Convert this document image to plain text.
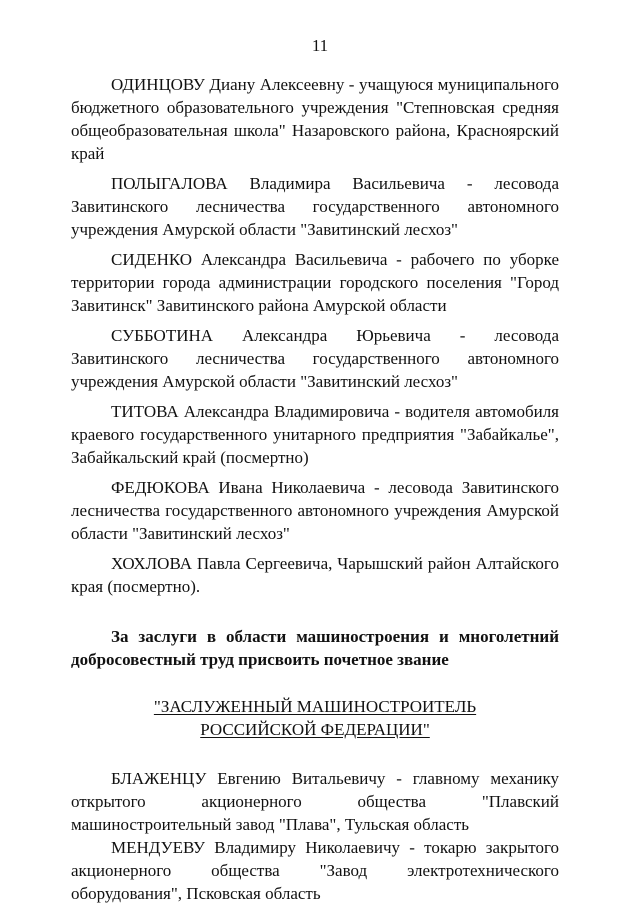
11

ОДИНЦОВУ Диану Алексеевну - учащуюся муниципального бюджетного образовательного учреждения "Степновская средняя общеобразовательная школа" Назаровского района, Красноярский край

ПОЛЫГАЛОВА Владимира Васильевича - лесовода Завитинского лесничества государственного автономного учреждения Амурской области "Завитинский лесхоз"

СИДЕНКО Александра Васильевича - рабочего по уборке территории города администрации городского поселения "Город Завитинск" Завитинского района Амурской области

СУББОТИНА Александра Юрьевича - лесовода Завитинского лесничества государственного автономного учреждения Амурской области "Завитинский лесхоз"

ТИТОВА Александра Владимировича - водителя автомобиля краевого государственного унитарного предприятия "Забайкалье", Забайкальский край (посмертно)

ФЕДЮКОВА Ивана Николаевича - лесовода Завитинского лесничества государственного автономного учреждения Амурской области "Завитинский лесхоз"

ХОХЛОВА Павла Сергеевича, Чарышский район Алтайского края (посмертно).

За заслуги в области машиностроения и многолетний добросовестный труд присвоить почетное звание

"ЗАСЛУЖЕННЫЙ МАШИНОСТРОИТЕЛЬ
РОССИЙСКОЙ ФЕДЕРАЦИИ"

БЛАЖЕНЦУ Евгению Витальевичу - главному механику открытого акционерного общества "Плавский машиностроительный завод "Плава", Тульская область

МЕНДУЕВУ Владимиру Николаевичу - токарю закрытого акционерного общества "Завод электротехнического оборудования", Псковская область
